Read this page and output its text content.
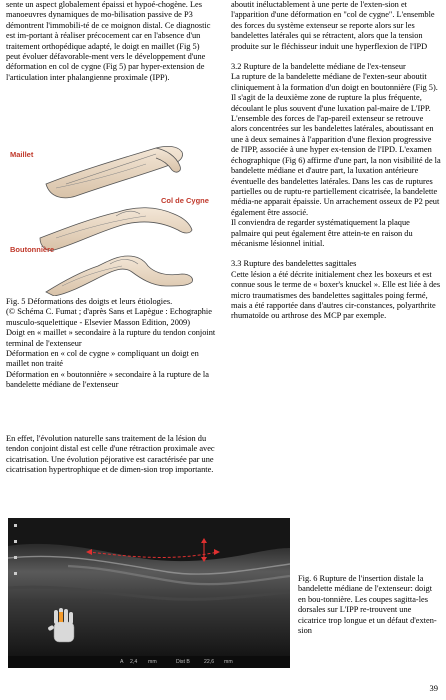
sente un aspect globalement épaissi et hypoé-chogène. Les manoeuvres dynamiques de mo-bilisation passive de P3 démontrent l'immobili-té de ce moignon distal. Ce diagnostic est im-portant à réaliser précocement car en l'absence d'un traitement orthopédique adapté, le doigt en maillet (Fig 5) peut évoluer défavorable-ment vers le développement d'une déformation en col de cygne (Fig 5) par hyper-extension de l'articulation inter phalangienne proximale (IPP).

Maillet
Col de Cygne
Boutonnière

Fig. 5 Déformations des doigts et leurs étiologies.

(© Schéma C. Fumat ; d'après Sans et Lapègue : Echographie musculo-squelettique - Elsevier Masson Edition, 2009)

Doigt en « maillet » secondaire à la rupture du tendon conjoint terminal de l'extenseur

Déformation en « col de cygne » compliquant un doigt en maillet non traité

Déformation en « boutonnière » secondaire à la rupture de la bandelette médiane de l'extenseur

En effet, l'évolution naturelle sans traitement de la lésion du tendon conjoint distal est celle d'une rétraction proximale avec cicatrisation. Une évolution péjorative est caractérisée par une cicatrisation hypertrophique et de dimen-sion trop importante.

aboutit inéluctablement à une perte de l'exten-sion et l'apparition d'une déformation en "col de cygne". L'ensemble des forces du système extenseur se reporte alors sur les bandelettes latérales qui se rétractent, alors que la tension produite sur le fléchisseur induit une hyperflexion de l'IPD

3.2 Rupture de la bandelette médiane de l'ex-tenseur

La rupture de la bandelette médiane de l'exten-seur aboutit cliniquement à la formation d'un doigt en boutonnière (Fig 5). Il s'agit de la deuxième zone de rupture la plus fréquente, découlant le plus souvent d'une luxation pal-maire de L'IPP. L'ensemble des forces de l'ap-pareil extenseur se retrouve alors concentrées sur les bandelettes latérales, aboutissant en une à deux semaines à l'apparition d'une flexion progressive de l'IPP, associée à une hyper ex-tension de l'IPD. L'examen échographique (Fig 6) affirme d'une part, la non visibilité de la bandelette médiane et d'autre part, la luxation antérieure éventuelle des bandelettes latérales. Dans les cas de ruptures partielles ou de ruptu-re partiellement cicatrisée, la bandelette média-ne apparait épaissie. Un arrachement osseux de P2 peut également être associé.

Il conviendra de regarder systématiquement la plaque palmaire qui peut également être attein-te en raison du mécanisme lésionnel initial.

3.3 Rupture des bandelettes sagittales

Cette lésion a été décrite initialement chez les boxeurs et est connue sous le terme de « boxer's knuckel ». Elle est liée à des micro traumatismes des bandelettes sagittales poing fermé, mais a été rapportée dans d'autres cir-constances, polyarthrite rhumatoïde ou arthrose des MCP par exemple.

A 2,4 mm	Dist B	22,6 mm
Fig. 6 Rupture de l'insertion distale la bandelette médiane de l'extenseur: doigt en bou-tonnière. Les coupes sagitta-les dorsales sur L'IPP re-trouvent une cicatrice trop longue et un défaut d'exten-sion
39
